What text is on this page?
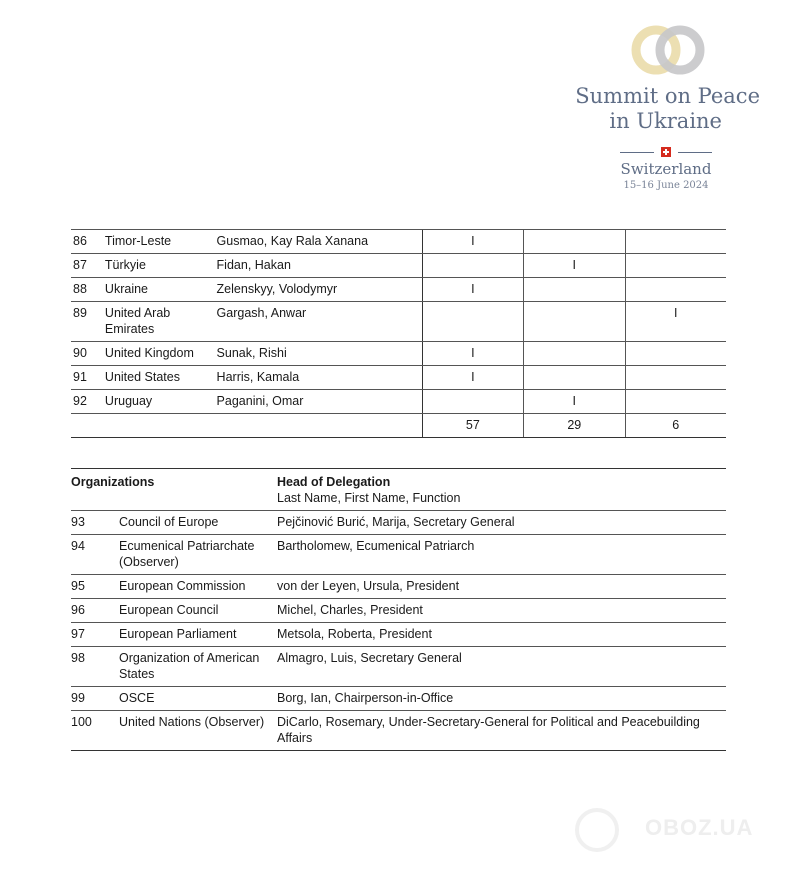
Summit on Peace
in Ukraine
Switzerland
15–16 June 2024
86	Timor-Leste	Gusmao, Kay Rala Xanana	I		
87	Türkyie	Fidan, Hakan		I	
88	Ukraine	Zelenskyy, Volodymyr	I		
89	United Arab Emirates	Gargash, Anwar			I
90	United Kingdom	Sunak, Rishi	I		
91	United States	Harris, Kamala	I		
92	Uruguay	Paganini, Omar		I	
			57	29	6
Organizations		Head of Delegation
Last Name, First Name, Function

93	Council of Europe	Pejčinović Burić, Marija, Secretary General
94	Ecumenical Patriarchate (Observer)	Bartholomew, Ecumenical Patriarch
95	European Commission	von der Leyen, Ursula, President
96	European Council	Michel, Charles, President
97	European Parliament	Metsola, Roberta, President
98	Organization of American States	Almagro, Luis, Secretary General
99	OSCE	Borg, Ian, Chairperson-in-Office
100	United Nations (Observer)	DiCarlo, Rosemary, Under-Secretary-General for Political and Peacebuilding Affairs
OBOZ.UA
